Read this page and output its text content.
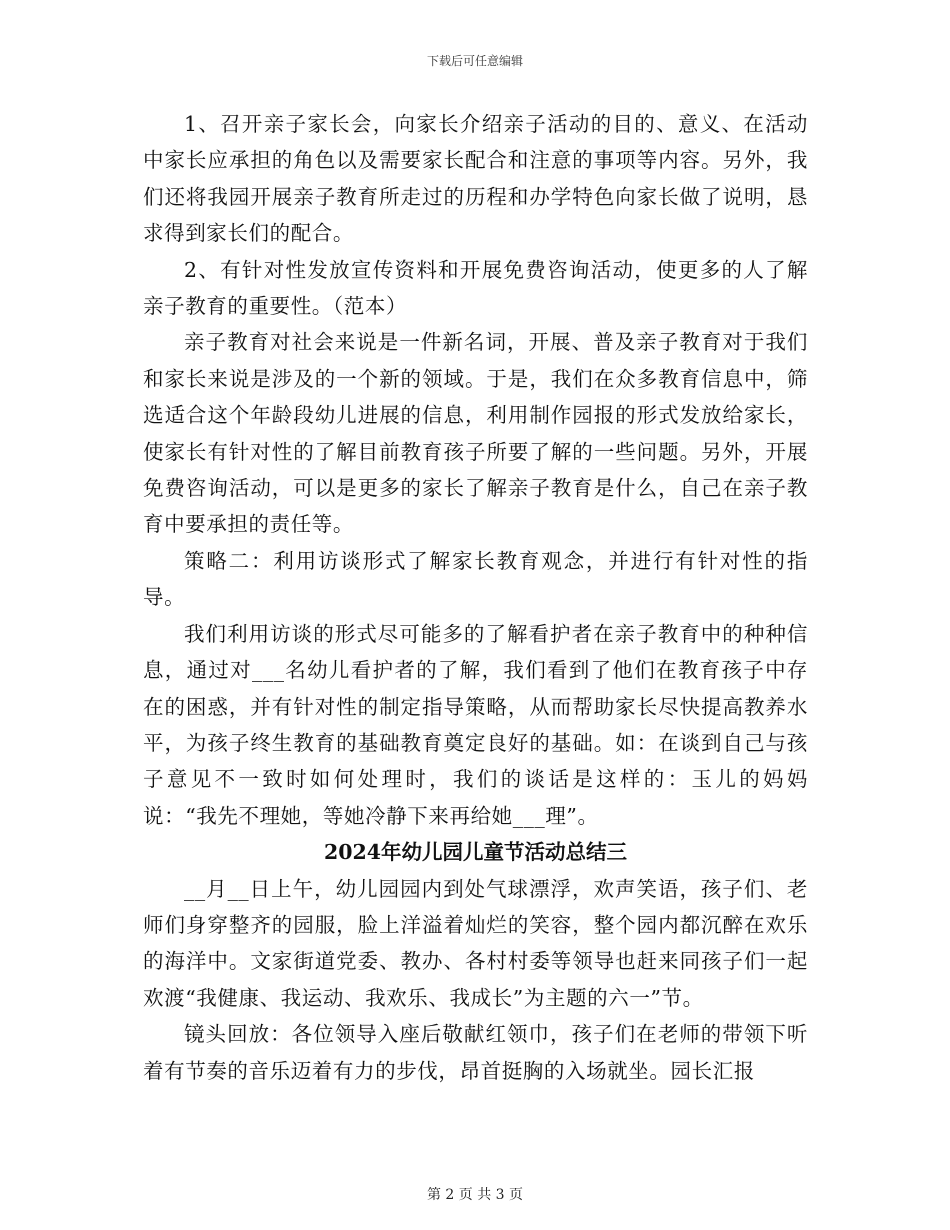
下载后可任意编辑

1、召开亲子家长会，向家长介绍亲子活动的目的、意义、在活动中家长应承担的角色以及需要家长配合和注意的事项等内容。另外，我们还将我园开展亲子教育所走过的历程和办学特色向家长做了说明，恳求得到家长们的配合。

2、有针对性发放宣传资料和开展免费咨询活动，使更多的人了解亲子教育的重要性。（范本）

亲子教育对社会来说是一件新名词，开展、普及亲子教育对于我们和家长来说是涉及的一个新的领域。于是，我们在众多教育信息中，筛选适合这个年龄段幼儿进展的信息，利用制作园报的形式发放给家长，使家长有针对性的了解目前教育孩子所要了解的一些问题。另外，开展免费咨询活动，可以是更多的家长了解亲子教育是什么，自己在亲子教育中要承担的责任等。

策略二：利用访谈形式了解家长教育观念，并进行有针对性的指导。

我们利用访谈的形式尽可能多的了解看护者在亲子教育中的种种信息，通过对___名幼儿看护者的了解，我们看到了他们在教育孩子中存在的困惑，并有针对性的制定指导策略，从而帮助家长尽快提高教养水平，为孩子终生教育的基础教育奠定良好的基础。如：在谈到自己与孩子意见不一致时如何处理时，我们的谈话是这样的：玉儿的妈妈说：“我先不理她，等她冷静下来再给她___理”。

2024年幼儿园儿童节活动总结三

__月__日上午，幼儿园园内到处气球漂浮，欢声笑语，孩子们、老师们身穿整齐的园服，脸上洋溢着灿烂的笑容，整个园内都沉醉在欢乐的海洋中。文家街道党委、教办、各村村委等领导也赶来同孩子们一起欢渡“我健康、我运动、我欢乐、我成长”为主题的六一”节。

镜头回放：各位领导入座后敬献红领巾，孩子们在老师的带领下听着有节奏的音乐迈着有力的步伐，昂首挺胸的入场就坐。园长汇报

第 2 页 共 3 页
